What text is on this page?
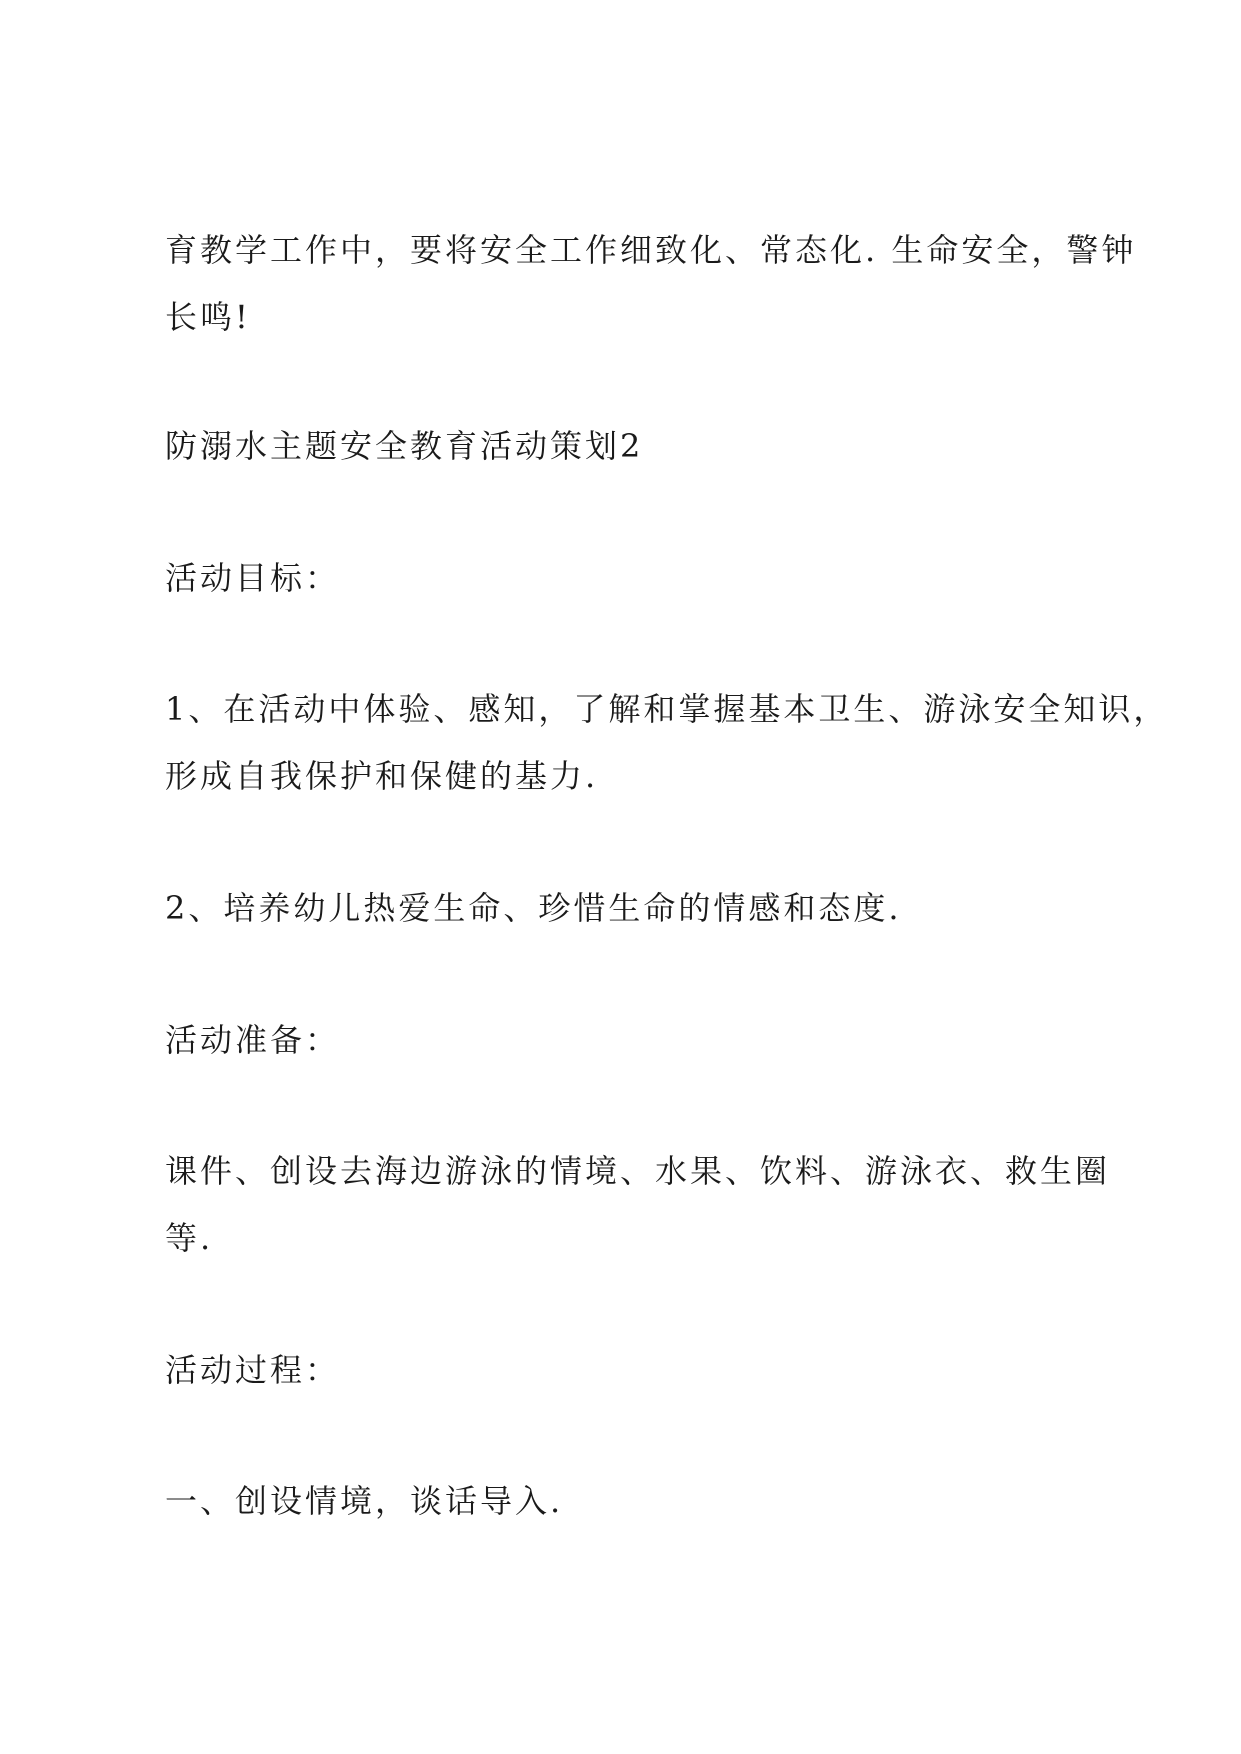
育教学工作中，要将安全工作细致化、常态化. 生命安全，警钟

长鸣!

防溺水主题安全教育活动策划2

活动目标：

1、在活动中体验、感知，了解和掌握基本卫生、游泳安全知识，

形成自我保护和保健的基力.

2、培养幼儿热爱生命、珍惜生命的情感和态度.

活动准备：

课件、创设去海边游泳的情境、水果、饮料、游泳衣、救生圈

等.

活动过程：

一、创设情境，谈话导入.
